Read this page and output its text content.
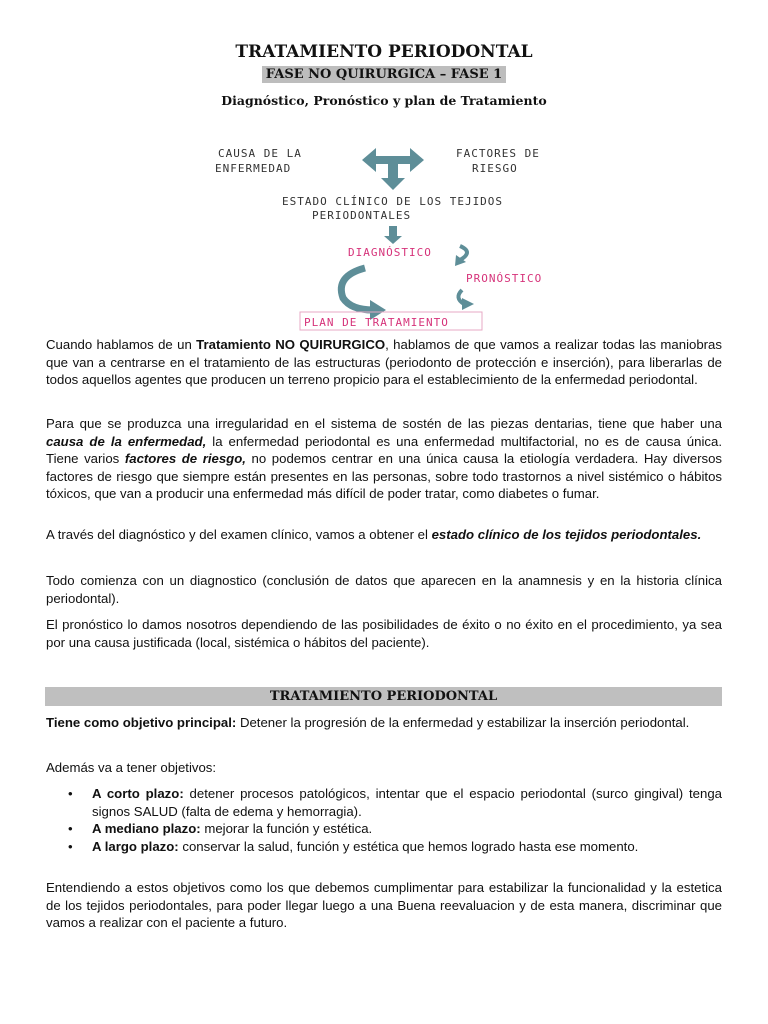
TRATAMIENTO PERIODONTAL
FASE NO QUIRURGICA – FASE 1
Diagnóstico, Pronóstico y plan de Tratamiento
CAUSA DE LA
ENFERMEDAD
FACTORES DE
RIESGO
ESTADO CLÍNICO DE LOS TEJIDOS
PERIODONTALES
DIAGNÓSTICO
PRONÓSTICO
PLAN DE TRATAMIENTO

Cuando hablamos de un Tratamiento NO QUIRURGICO, hablamos de que vamos a realizar todas las maniobras que van a centrarse en el tratamiento de las estructuras (periodonto de protección e inserción), para liberarlas de todos aquellos agentes que producen un terreno propicio para el establecimiento de la enfermedad periodontal.

Para que se produzca una irregularidad en el sistema de sostén de las piezas dentarias, tiene que haber una causa de la enfermedad, la enfermedad periodontal es una enfermedad multifactorial, no es de causa única. Tiene varios factores de riesgo, no podemos centrar en una única causa la etiología verdadera. Hay diversos factores de riesgo que siempre están presentes en las personas, sobre todo trastornos a nivel sistémico o hábitos tóxicos, que van a producir una enfermedad más difícil de poder tratar, como diabetes o fumar.

A través del diagnóstico y del examen clínico, vamos a obtener el estado clínico de los tejidos periodontales.

Todo comienza con un diagnostico (conclusión de datos que aparecen en la anamnesis y en la historia clínica periodontal).

El pronóstico lo damos nosotros dependiendo de las posibilidades de éxito o no éxito en el procedimiento, ya sea por una causa justificada (local, sistémica o hábitos del paciente).

TRATAMIENTO PERIODONTAL

Tiene como objetivo principal: Detener la progresión de la enfermedad y estabilizar la inserción periodontal.

Además va a tener objetivos:

• A corto plazo: detener procesos patológicos, intentar que el espacio periodontal (surco gingival) tenga signos SALUD (falta de edema y hemorragia).
• A mediano plazo: mejorar la función y estética.
• A largo plazo: conservar la salud, función y estética que hemos logrado hasta ese momento.

Entendiendo a estos objetivos como los que debemos cumplimentar para estabilizar la funcionalidad y la estetica de los tejidos periodontales, para poder llegar luego a una Buena reevaluacion y de esta manera, discriminar que vamos a realizar con el paciente a futuro.
